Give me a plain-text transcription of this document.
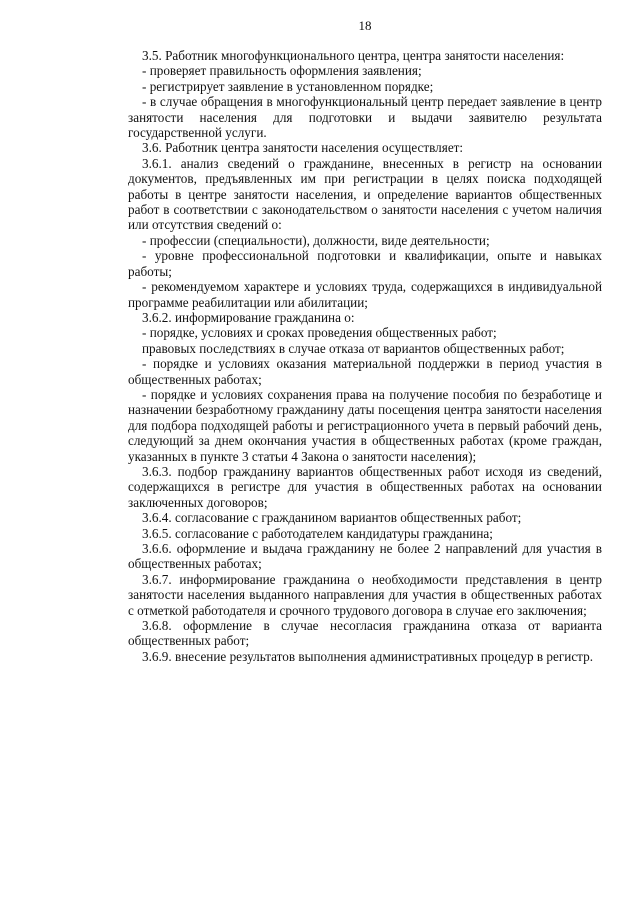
18

3.5. Работник многофункционального центра, центра занятости населения:

- проверяет правильность оформления заявления;

- регистрирует заявление в установленном порядке;

- в случае обращения в многофункциональный центр передает заявление в центр занятости населения для подготовки и выдачи заявителю результата государственной услуги.

3.6. Работник центра занятости населения осуществляет:

3.6.1. анализ сведений о гражданине, внесенных в регистр на основании документов, предъявленных им при регистрации в целях поиска подходящей работы в центре занятости населения, и определение вариантов общественных работ в соответствии с законодательством о занятости населения с учетом наличия или отсутствия сведений о:

- профессии (специальности), должности, виде деятельности;

- уровне профессиональной подготовки и квалификации, опыте и навыках работы;

- рекомендуемом характере и условиях труда, содержащихся в индивидуальной программе реабилитации или абилитации;

3.6.2. информирование гражданина о:

- порядке, условиях и сроках проведения общественных работ;

правовых последствиях в случае отказа от вариантов общественных работ;

- порядке и условиях оказания материальной поддержки в период участия в общественных работах;

- порядке и условиях сохранения права на получение пособия по безработице и назначении безработному гражданину даты посещения центра занятости населения для подбора подходящей работы и регистрационного учета в первый рабочий день, следующий за днем окончания участия в общественных работах (кроме граждан, указанных в пункте 3 статьи 4 Закона о занятости населения);

3.6.3. подбор гражданину вариантов общественных работ исходя из сведений, содержащихся в регистре для участия в общественных работах на основании заключенных договоров;

3.6.4. согласование с гражданином вариантов общественных работ;

3.6.5. согласование с работодателем кандидатуры гражданина;

3.6.6. оформление и выдача гражданину не более 2 направлений для участия в общественных работах;

3.6.7. информирование гражданина о необходимости представления в центр занятости населения выданного направления для участия в общественных работах с отметкой работодателя и срочного трудового договора в случае его заключения;

3.6.8. оформление в случае несогласия гражданина отказа от варианта общественных работ;

3.6.9. внесение результатов выполнения административных процедур в регистр.
